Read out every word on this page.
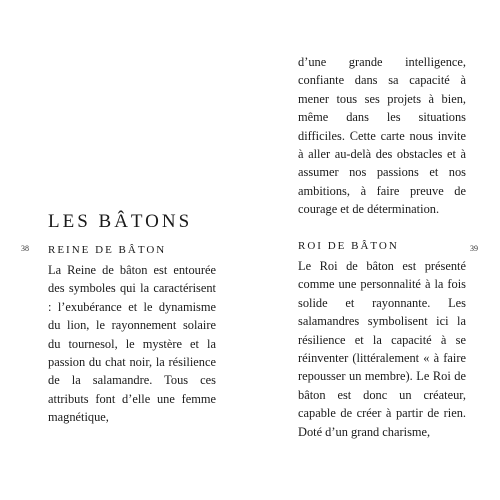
38
LES BÂTONS
REINE DE BÂTON

La Reine de bâton est entourée des symboles qui la caractérisent : l’exubérance et le dynamisme du lion, le rayonnement solaire du tournesol, le mystère et la passion du chat noir, la résilience de la salamandre. Tous ces attributs font d’elle une femme magnétique,

d’une grande intelligence, confiante dans sa capacité à mener tous ses projets à bien, même dans les situations difficiles. Cette carte nous invite à aller au-delà des obstacles et à assumer nos passions et nos ambitions, à faire preuve de courage et de détermination.

ROI DE BÂTON

Le Roi de bâton est présenté comme une personnalité à la fois solide et rayonnante. Les salamandres symbolisent ici la résilience et la capacité à se réinventer (littéralement « à faire repousser un membre). Le Roi de bâton est donc un créateur, capable de créer à partir de rien. Doté d’un grand charisme,

39
